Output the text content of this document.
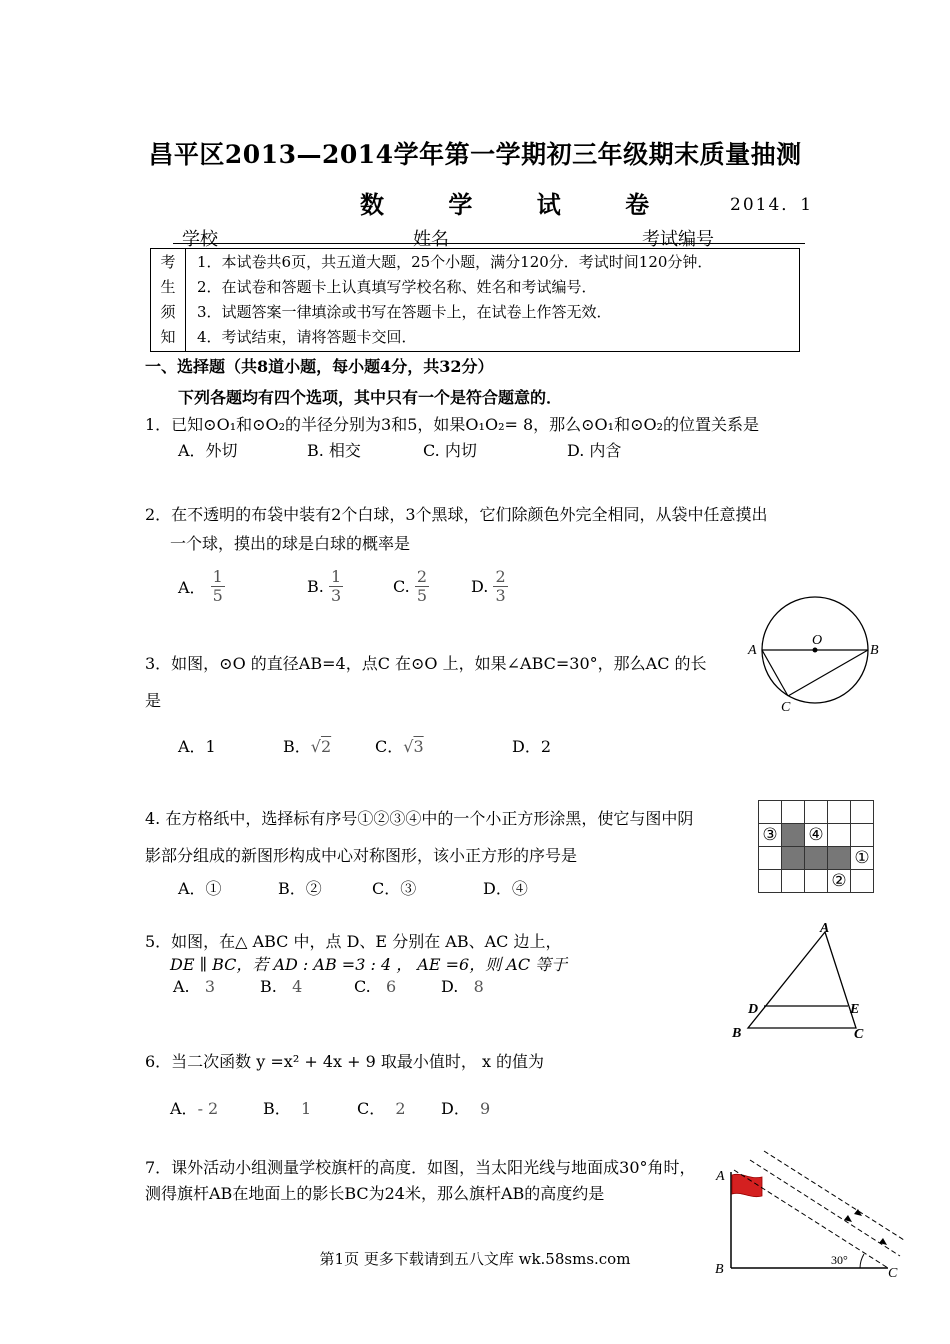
昌平区2013—2014学年第一学期初三年级期末质量抽测
数 学 试 卷	2014．1
学校	姓名	考试编号
考
生
须
知

1．本试卷共6页，共五道大题，25个小题，满分120分．考试时间120分钟．
2．在试卷和答题卡上认真填写学校名称、姓名和考试编号．
3．试题答案一律填涂或书写在答题卡上，在试卷上作答无效．
4．考试结束，请将答题卡交回．
一、选择题（共8道小题，每小题4分，共32分）
下列各题均有四个选项，其中只有一个是符合题意的．
1．已知⊙O₁和⊙O₂的半径分别为3和5，如果O₁O₂= 8，那么⊙O₁和⊙O₂的位置关系是
A．外切	B. 相交	C. 内切	D. 内含
2．在不透明的布袋中装有2个白球，3个黑球，它们除颜色外完全相同，从袋中任意摸出
一个球，摸出的球是白球的概率是
A． $\frac{1}{5}$	B. $\frac{1}{3}$	C. $\frac{2}{5}$	D. $\frac{2}{3}$
3．如图，⊙O 的直径AB=4，点C 在⊙O 上，如果∠ABC=30°，那么AC 的长
是
A．1	B．√2	C．√3	D．2
A	B
O
C
4. 在方格纸中，选择标有序号①②③④中的一个小正方形涂黑，使它与图中阴
影部分组成的新图形构成中心对称图形，该小正方形的序号是
A．①	B．②	C．③	D．④

③		④		
				①
			②	
5．如图，在△ ABC 中，点 D、E 分别在 AB、AC 边上，
DE ∥ BC，若 AD : AB =3 : 4 ， AE =6，则 AC 等于
A. 3	B. 4	C. 6	D. 8
A
D	E
B	C
6．当二次函数 y =x² + 4x + 9 取最小值时， x 的值为
A．- 2	B． 1	C． 2 D． 9
7．课外活动小组测量学校旗杆的高度．如图，当太阳光线与地面成30°角时，
测得旗杆AB在地面上的影长BC为24米，那么旗杆AB的高度约是
30°
A
B	C
第1页 更多下载请到五八文库 wk.58sms.com
